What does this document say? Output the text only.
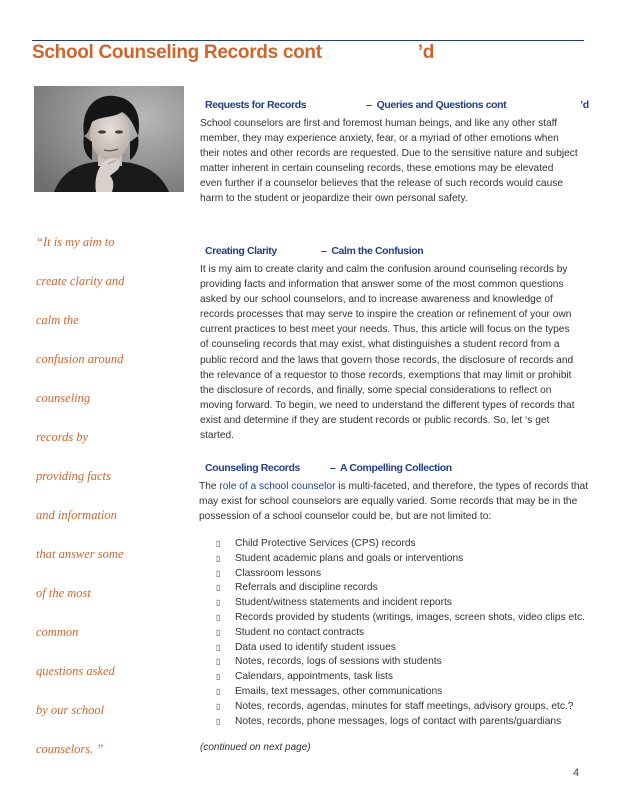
School Counseling Records cont	’d
“It is my aim to
create clarity and
calm the
confusion around
counseling
records by
providing facts
and information
that answer some
of the most
common
questions asked
by our school
counselors. ”

Requests for Records	–  Queries and Questions cont	’d

School counselors are first and foremost human beings, and like any other staff member, they may experience anxiety, fear, or a myriad of other emotions when their notes and other records are requested. Due to the sensitive nature and subject matter inherent in certain counseling records, these emotions may be elevated even further if a counselor believes that the release of such records would cause harm to the student or jeopardize their own personal safety.

Creating Clarity	–  Calm the Confusion

It is my aim to create clarity and calm the confusion around counseling records by providing facts and information that answer some of the most common questions asked by our school counselors, and to increase awareness and knowledge of records processes that may serve to inspire the creation or refinement of your own current practices to best meet your needs. Thus, this article will focus on the types of counseling records that may exist, what distinguishes a student record from a public record and the laws that govern those records, the disclosure of records and the relevance of a requestor to those records, exemptions that may limit or prohibit the disclosure of records, and finally, some special considerations to reflect on moving forward. To begin, we need to understand the different types of records that exist and determine if they are student records or public records. So, let ‘s get started.

Counseling Records	–  A Compelling Collection

The role of a school counselor is multi-faceted, and therefore, the types of records that may exist for school counselors are equally varied. Some records that may be in the possession of a school counselor could be, but are not limited to:

▯ Child Protective Services (CPS) records
▯ Student academic plans and goals or interventions
▯ Classroom lessons
▯ Referrals and discipline records
▯ Student/witness statements and incident reports
▯ Records provided by students (writings, images, screen shots, video clips etc.
▯ Student no contact contracts
▯ Data used to identify student issues
▯ Notes, records, logs of sessions with students
▯ Calendars, appointments, task lists
▯ Emails, text messages, other communications
▯ Notes, records, agendas, minutes for staff meetings, advisory groups, etc.?
▯ Notes, records, phone messages, logs of contact with parents/guardians
(continued on next page)
4
